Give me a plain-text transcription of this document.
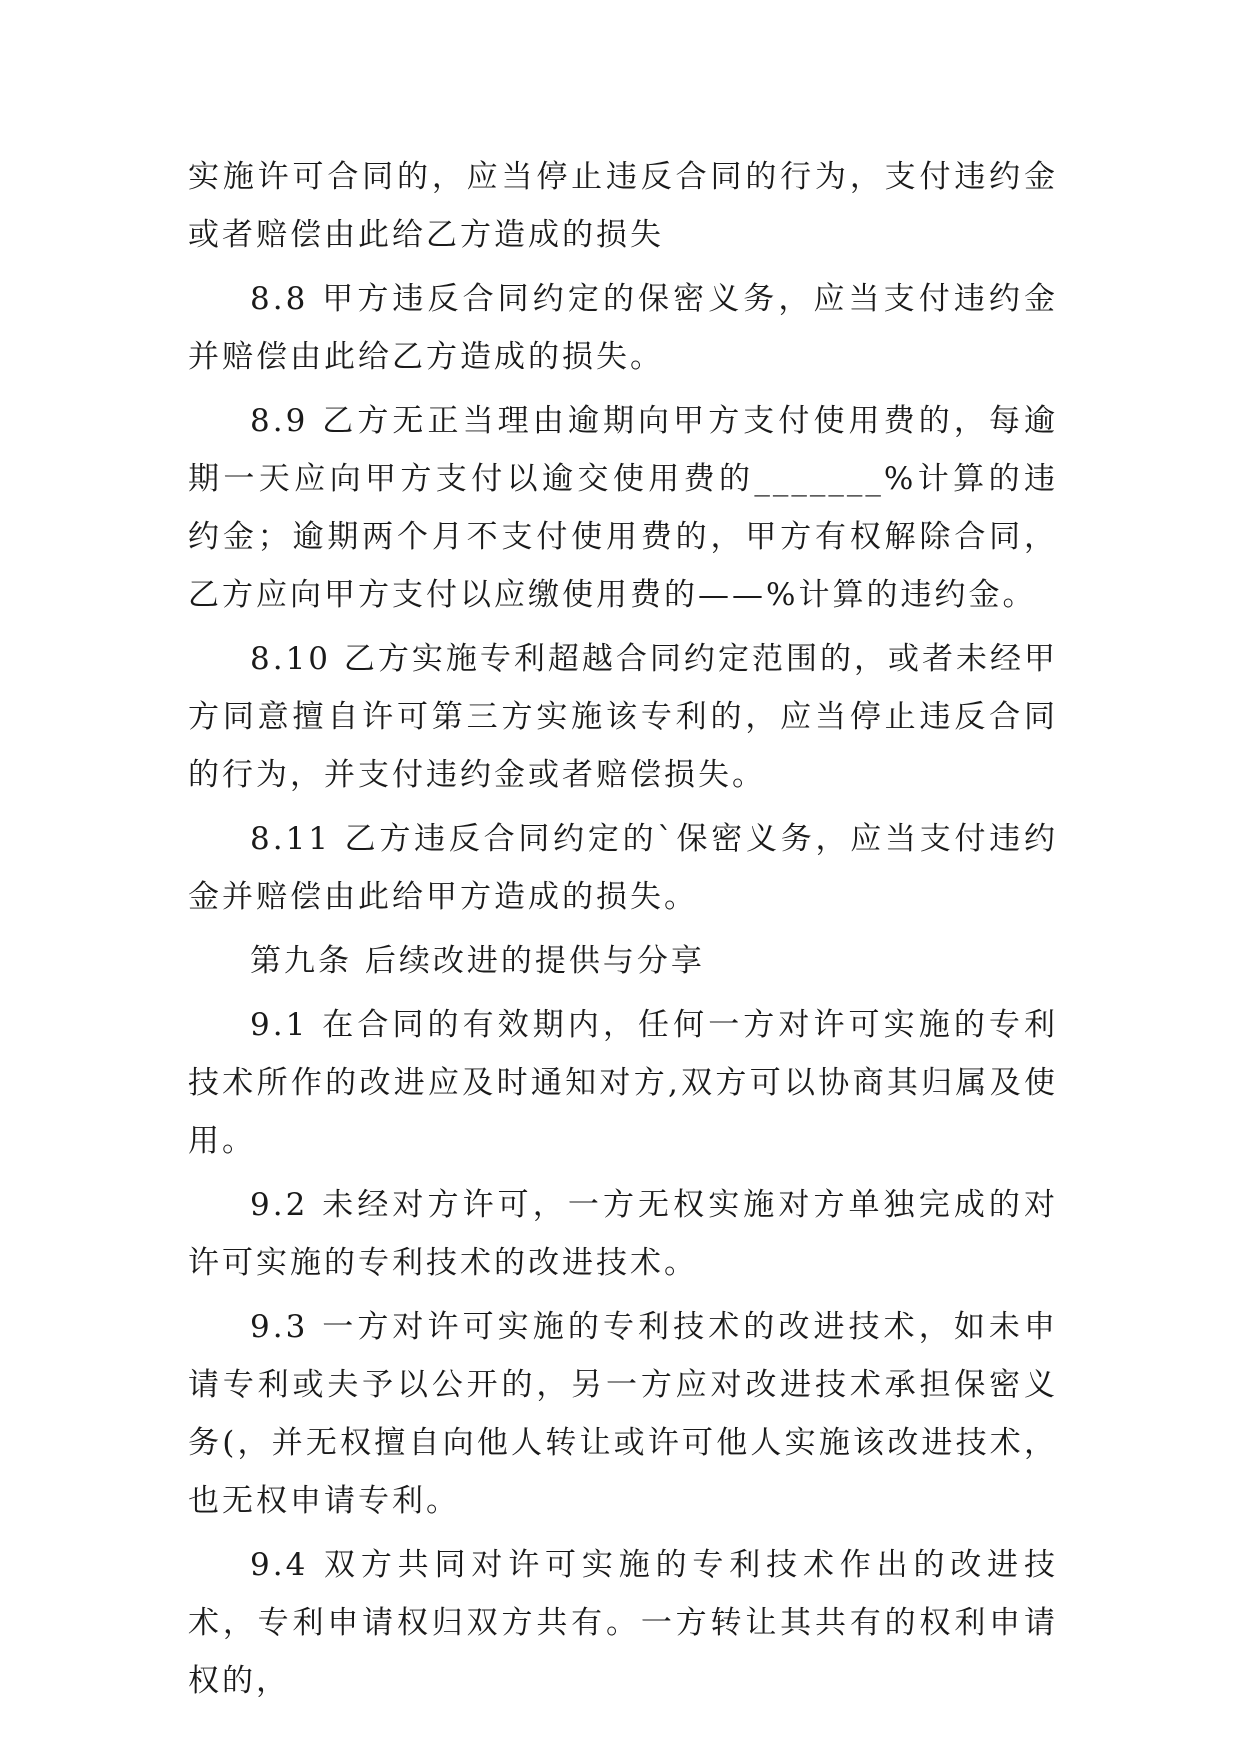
实施许可合同的，应当停止违反合同的行为，支付违约金或者赔偿由此给乙方造成的损失

8.8 甲方违反合同约定的保密义务，应当支付违约金并赔偿由此给乙方造成的损失。

8.9 乙方无正当理由逾期向甲方支付使用费的，每逾期一天应向甲方支付以逾交使用费的_______%计算的违约金；逾期两个月不支付使用费的，甲方有权解除合同，乙方应向甲方支付以应缴使用费的——%计算的违约金。

8.10 乙方实施专利超越合同约定范围的，或者未经甲方同意擅自许可第三方实施该专利的，应当停止违反合同的行为，并支付违约金或者赔偿损失。

8.11 乙方违反合同约定的`保密义务，应当支付违约金并赔偿由此给甲方造成的损失。

第九条 后续改进的提供与分享

9.1 在合同的有效期内，任何一方对许可实施的专利技术所作的改进应及时通知对方,双方可以协商其归属及使用。

9.2 未经对方许可，一方无权实施对方单独完成的对许可实施的专利技术的改进技术。

9.3 一方对许可实施的专利技术的改进技术，如未申请专利或夫予以公开的，另一方应对改进技术承担保密义务(，并无权擅自向他人转让或许可他人实施该改进技术，也无权申请专利。

9.4 双方共同对许可实施的专利技术作出的改进技术，专利申请权归双方共有。一方转让其共有的权利申请权的，
